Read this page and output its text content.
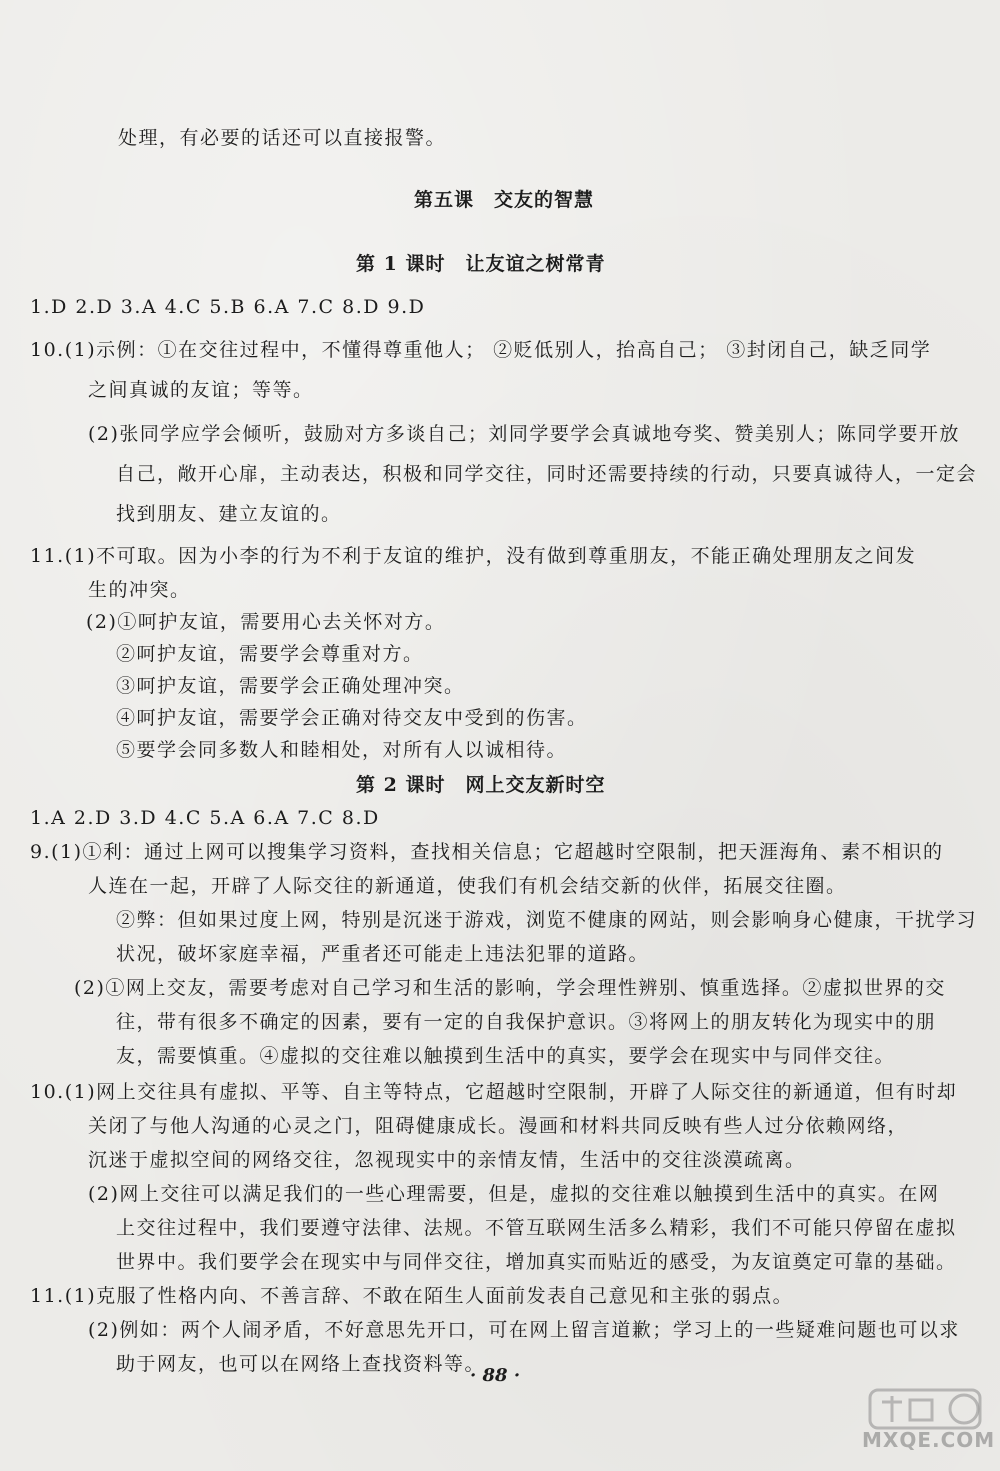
处理，有必要的话还可以直接报警。
第五课　交友的智慧
第 1 课时　让友谊之树常青
1.D 2.D 3.A 4.C 5.B 6.A 7.C 8.D 9.D
10.(1)示例：①在交往过程中，不懂得尊重他人； ②贬低别人，抬高自己； ③封闭自己，缺乏同学
之间真诚的友谊；等等。
(2)张同学应学会倾听，鼓励对方多谈自己；刘同学要学会真诚地夸奖、赞美别人；陈同学要开放
自己，敞开心扉，主动表达，积极和同学交往，同时还需要持续的行动，只要真诚待人，一定会
找到朋友、建立友谊的。
11.(1)不可取。因为小李的行为不利于友谊的维护，没有做到尊重朋友，不能正确处理朋友之间发
生的冲突。
(2)①呵护友谊，需要用心去关怀对方。
②呵护友谊，需要学会尊重对方。
③呵护友谊，需要学会正确处理冲突。
④呵护友谊，需要学会正确对待交友中受到的伤害。
⑤要学会同多数人和睦相处，对所有人以诚相待。
第 2 课时　网上交友新时空
1.A 2.D 3.D 4.C 5.A 6.A 7.C 8.D
9.(1)①利：通过上网可以搜集学习资料，查找相关信息；它超越时空限制，把天涯海角、素不相识的
人连在一起，开辟了人际交往的新通道，使我们有机会结交新的伙伴，拓展交往圈。
②弊：但如果过度上网，特别是沉迷于游戏，浏览不健康的网站，则会影响身心健康，干扰学习
状况，破坏家庭幸福，严重者还可能走上违法犯罪的道路。
(2)①网上交友，需要考虑对自己学习和生活的影响，学会理性辨别、慎重选择。②虚拟世界的交
往，带有很多不确定的因素，要有一定的自我保护意识。③将网上的朋友转化为现实中的朋
友，需要慎重。④虚拟的交往难以触摸到生活中的真实，要学会在现实中与同伴交往。
10.(1)网上交往具有虚拟、平等、自主等特点，它超越时空限制，开辟了人际交往的新通道，但有时却
关闭了与他人沟通的心灵之门，阻碍健康成长。漫画和材料共同反映有些人过分依赖网络，
沉迷于虚拟空间的网络交往，忽视现实中的亲情友情，生活中的交往淡漠疏离。
(2)网上交往可以满足我们的一些心理需要，但是，虚拟的交往难以触摸到生活中的真实。在网
上交往过程中，我们要遵守法律、法规。不管互联网生活多么精彩，我们不可能只停留在虚拟
世界中。我们要学会在现实中与同伴交往，增加真实而贴近的感受，为友谊奠定可靠的基础。
11.(1)克服了性格内向、不善言辞、不敢在陌生人面前发表自己意见和主张的弱点。
(2)例如：两个人闹矛盾，不好意思先开口，可在网上留言道歉；学习上的一些疑难问题也可以求
助于网友，也可以在网络上查找资料等。
· 88 ·
MXQE.COM
